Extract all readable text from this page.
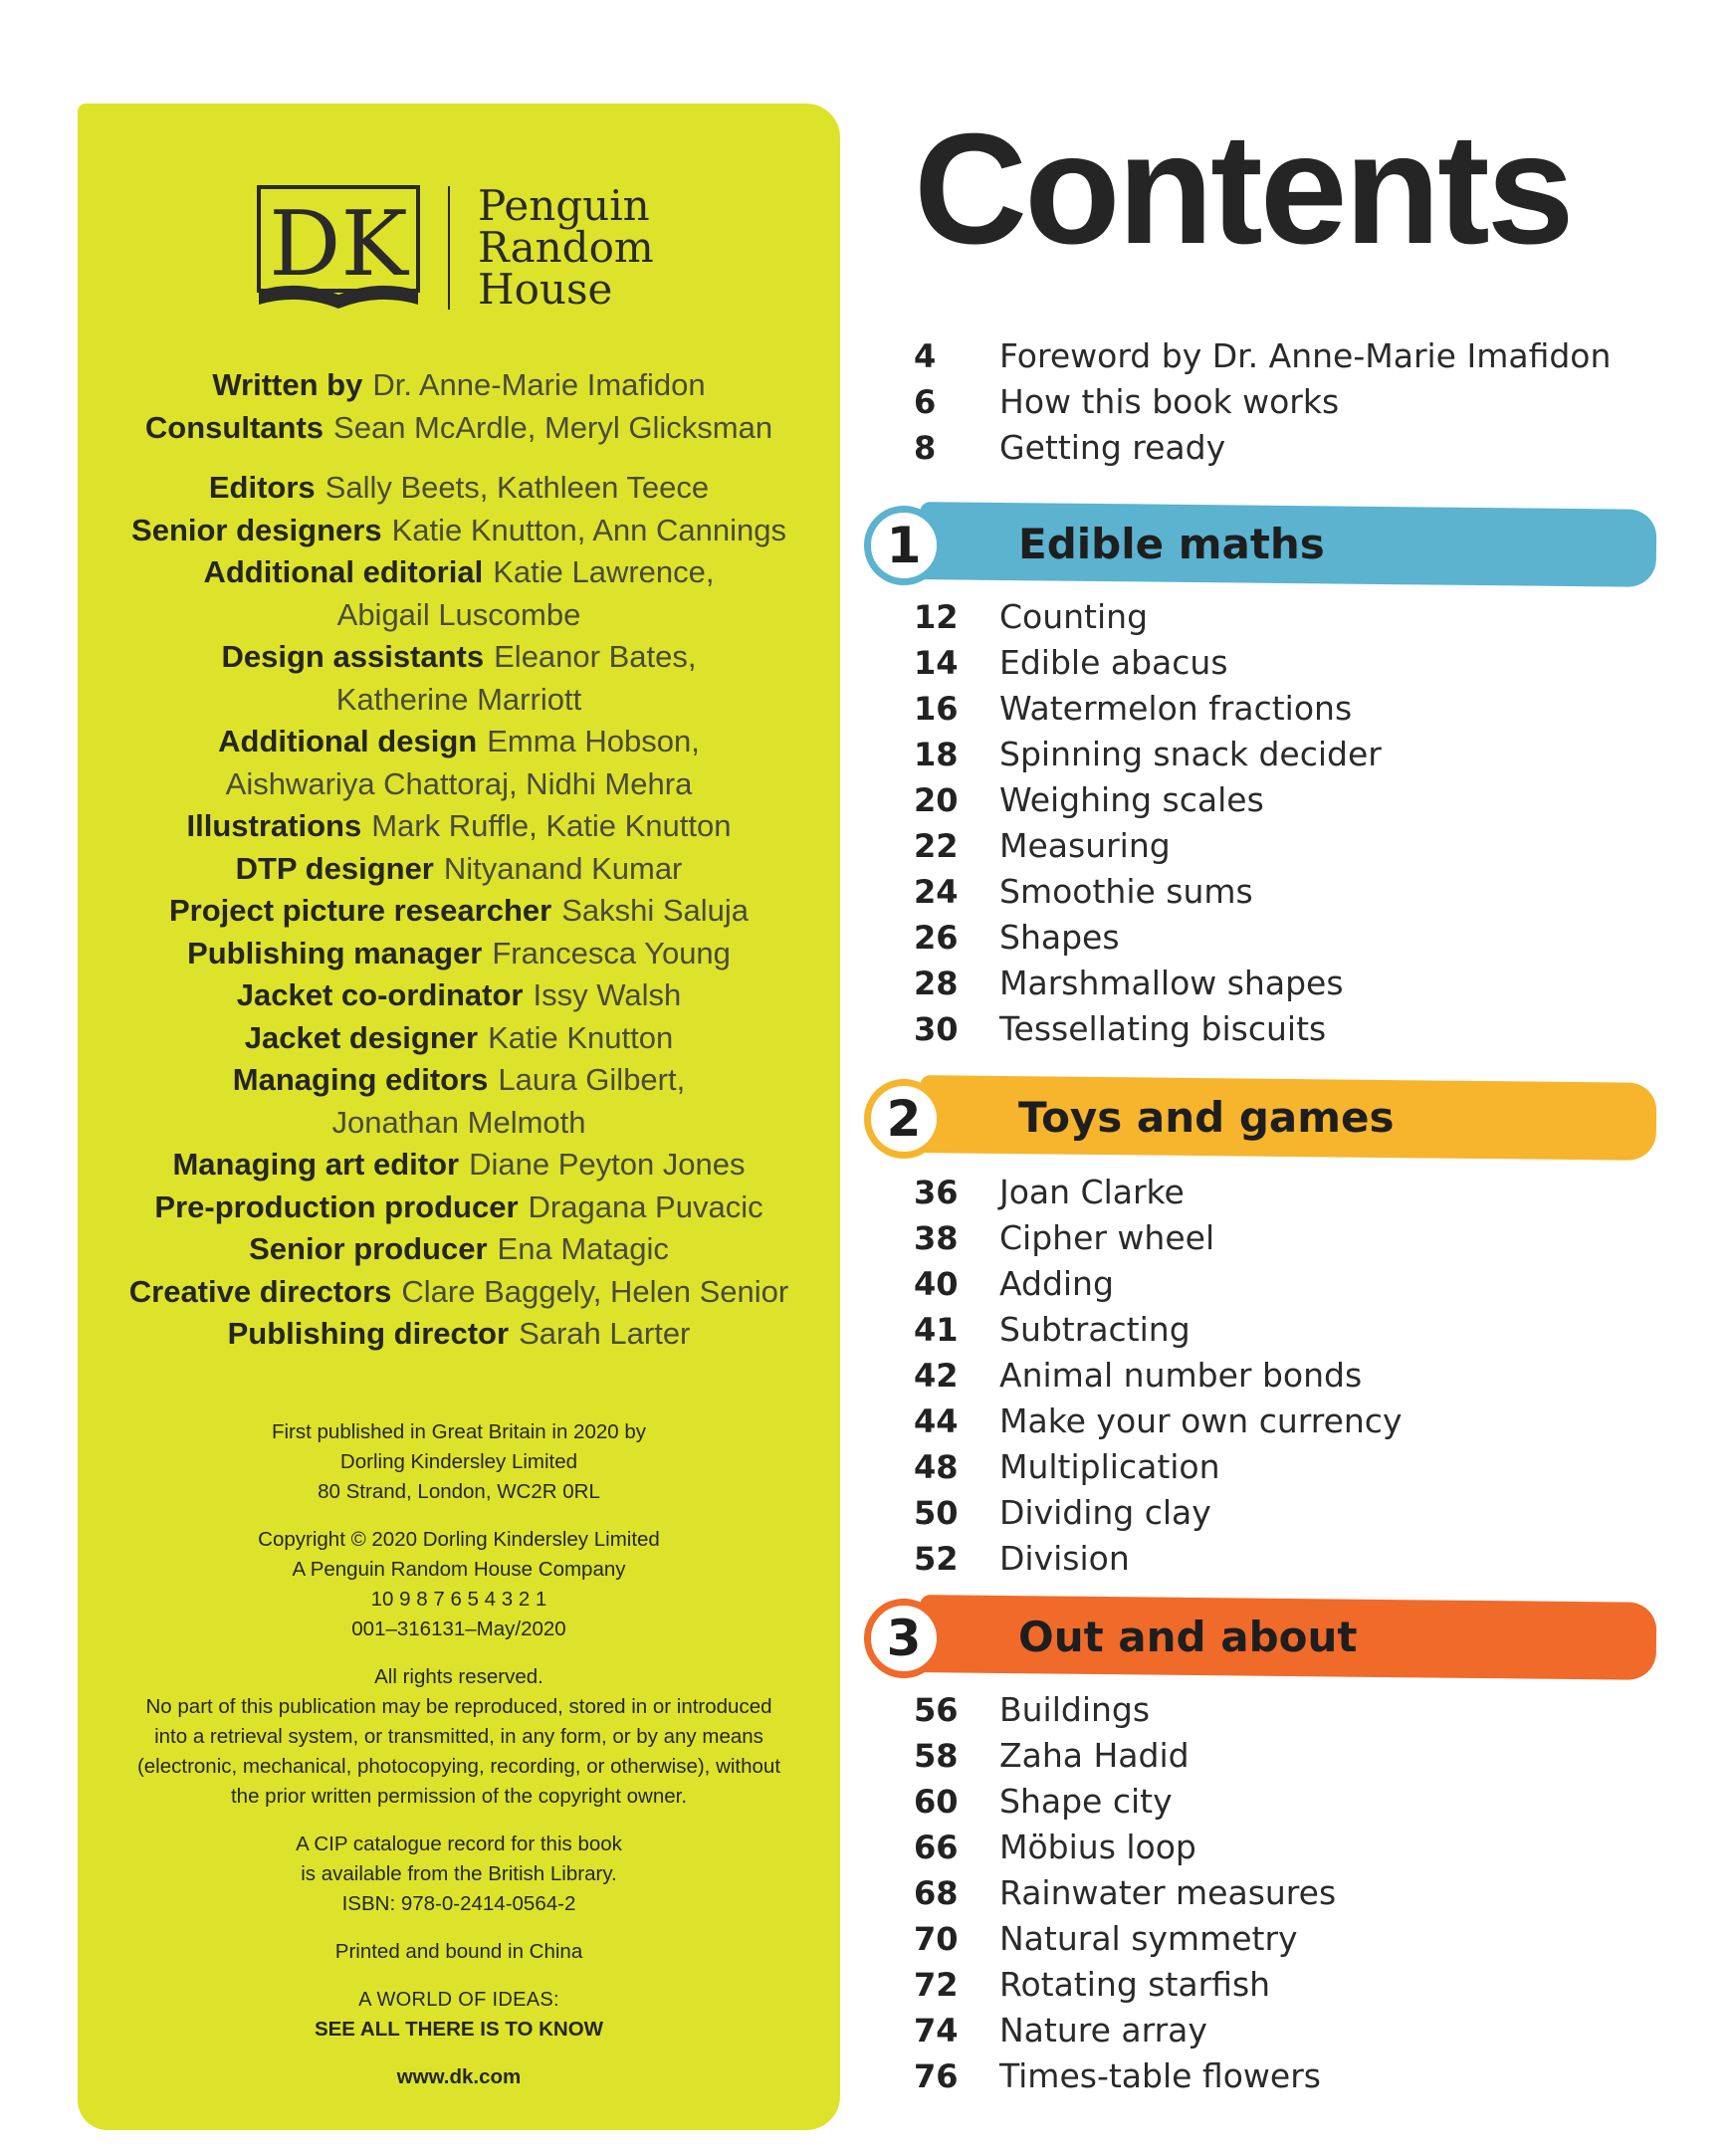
DK Penguin
Random
House
Written by Dr. Anne-Marie Imafidon
Consultants Sean McArdle, Meryl Glicksman
Editors Sally Beets, Kathleen Teece
Senior designers Katie Knutton, Ann Cannings
Additional editorial Katie Lawrence,
Abigail Luscombe
Design assistants Eleanor Bates,
Katherine Marriott
Additional design Emma Hobson,
Aishwariya Chattoraj, Nidhi Mehra
Illustrations Mark Ruffle, Katie Knutton
DTP designer Nityanand Kumar
Project picture researcher Sakshi Saluja
Publishing manager Francesca Young
Jacket co-ordinator Issy Walsh
Jacket designer Katie Knutton
Managing editors Laura Gilbert,
Jonathan Melmoth
Managing art editor Diane Peyton Jones
Pre-production producer Dragana Puvacic
Senior producer Ena Matagic
Creative directors Clare Baggely, Helen Senior
Publishing director Sarah Larter
First published in Great Britain in 2020 by
Dorling Kindersley Limited
80 Strand, London, WC2R 0RL
Copyright © 2020 Dorling Kindersley Limited
A Penguin Random House Company
10 9 8 7 6 5 4 3 2 1
001–316131–May/2020
All rights reserved.
No part of this publication may be reproduced, stored in or introduced
into a retrieval system, or transmitted, in any form, or by any means
(electronic, mechanical, photocopying, recording, or otherwise), without
the prior written permission of the copyright owner.
A CIP catalogue record for this book
is available from the British Library.
ISBN: 978-0-2414-0564-2
Printed and bound in China
A WORLD OF IDEAS:
SEE ALL THERE IS TO KNOW
www.dk.com
Contents
4	Foreword by Dr. Anne-Marie Imafidon
6	How this book works
8	Getting ready
1	Edible maths
12	Counting
14	Edible abacus
16	Watermelon fractions
18	Spinning snack decider
20	Weighing scales
22	Measuring
24	Smoothie sums
26	Shapes
28	Marshmallow shapes
30	Tessellating biscuits
2	Toys and games
36	Joan Clarke
38	Cipher wheel
40	Adding
41	Subtracting
42	Animal number bonds
44	Make your own currency
48	Multiplication
50	Dividing clay
52	Division
3	Out and about
56	Buildings
58	Zaha Hadid
60	Shape city
66	Möbius loop
68	Rainwater measures
70	Natural symmetry
72	Rotating starfish
74	Nature array
76	Times-table flowers
